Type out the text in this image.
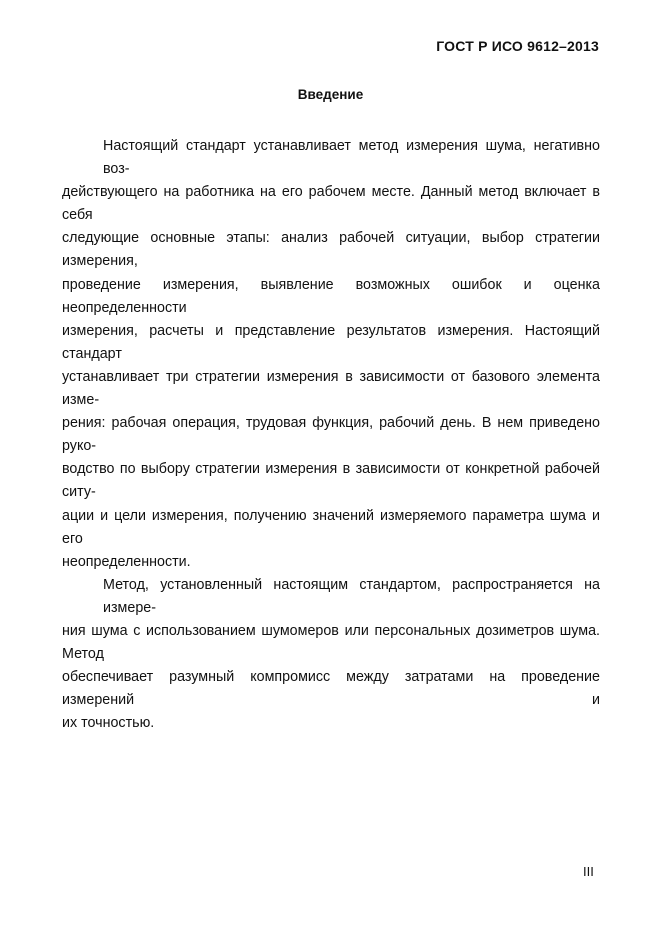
ГОСТ Р ИСО 9612–2013
Введение
Настоящий стандарт устанавливает метод измерения шума, негативно воз-
действующего на работника на его рабочем месте. Данный метод включает в себя
следующие основные этапы: анализ рабочей ситуации, выбор стратегии измерения,
проведение измерения, выявление возможных ошибок и оценка неопределенности
измерения, расчеты и представление результатов измерения. Настоящий стандарт
устанавливает три стратегии измерения в зависимости от базового элемента изме-
рения: рабочая операция, трудовая функция, рабочий день. В нем приведено руко-
водство по выбору стратегии измерения в зависимости от конкретной рабочей ситу-
ации и цели измерения, получению значений измеряемого параметра шума и его
неопределенности.
Метод, установленный настоящим стандартом, распространяется на измере-
ния шума с использованием шумомеров или персональных дозиметров шума. Метод
обеспечивает разумный компромисс между затратами на проведение измерений и
их точностью.
III
